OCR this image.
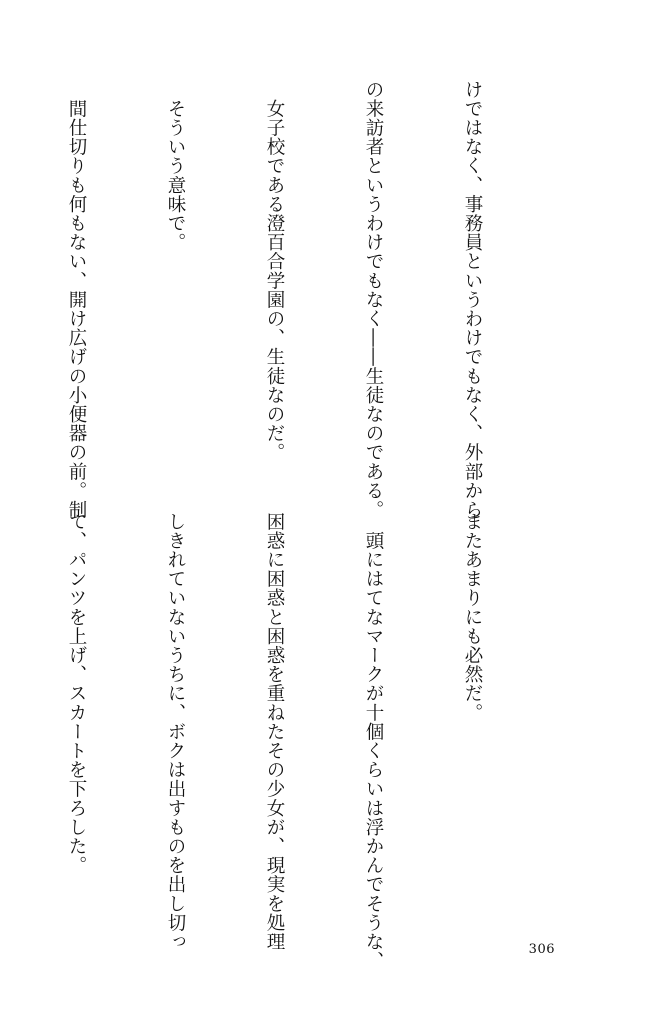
けではなく、事務員というわけでもなく、外部から

の来訪者というわけでもなく――生徒なのである。

　女子校である澄百合学園の、生徒なのだ。

　そういう意味で。

　間仕切りも何もない、開け広げの小便器の前。制

またあまりにも必然だ。

　頭にはてなマークが十個くらいは浮かんでそうな、

困惑に困惑と困惑を重ねたその少女が、現実を処理

しきれていないうちに、ボクは出すものを出し切っ

て、パンツを上げ、スカートを下ろした。

306
